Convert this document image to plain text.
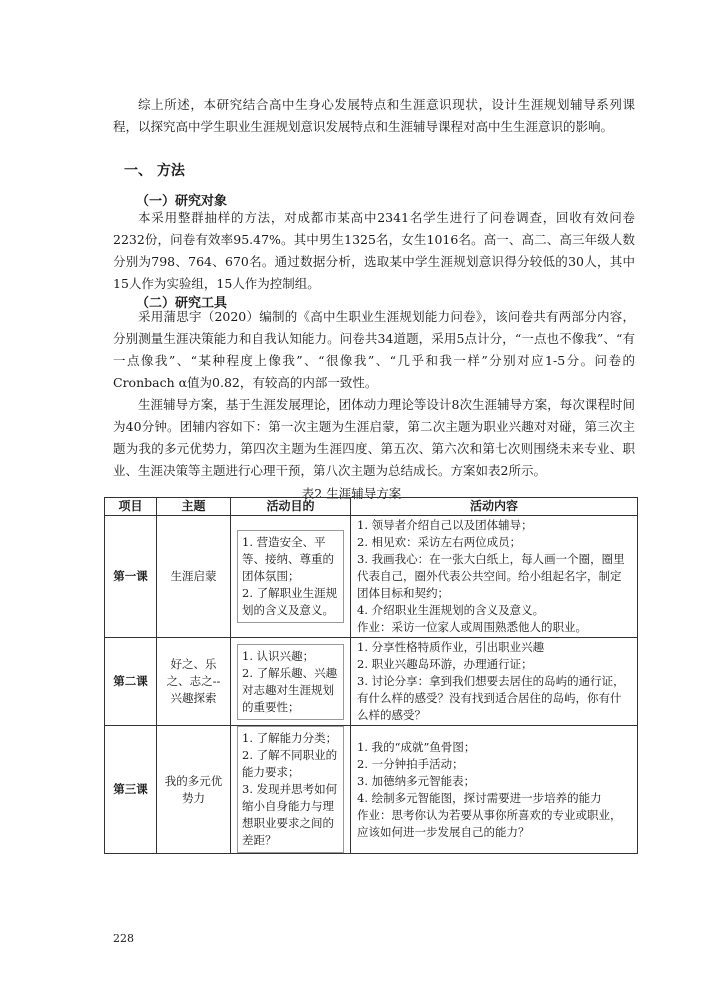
综上所述，本研究结合高中生身心发展特点和生涯意识现状，设计生涯规划辅导系列课程，以探究高中学生职业生涯规划意识发展特点和生涯辅导课程对高中生生涯意识的影响。

一、 方法

（一）研究对象

本采用整群抽样的方法，对成都市某高中2341名学生进行了问卷调查，回收有效问卷2232份，问卷有效率95.47%。其中男生1325名，女生1016名。高一、高二、高三年级人数分别为798、764、670名。通过数据分析，选取某中学生涯规划意识得分较低的30人，其中15人作为实验组，15人作为控制组。

（二）研究工具

采用蒲思宇（2020）编制的《高中生职业生涯规划能力问卷》，该问卷共有两部分内容，分别测量生涯决策能力和自我认知能力。问卷共34道题，采用5点计分，“一点也不像我”、“有一点像我”、“某种程度上像我”、“很像我”、“几乎和我一样”分别对应1-5分。问卷的Cronbach α值为0.82，有较高的内部一致性。

生涯辅导方案，基于生涯发展理论，团体动力理论等设计8次生涯辅导方案，每次课程时间为40分钟。团辅内容如下：第一次主题为生涯启蒙，第二次主题为职业兴趣对对碰，第三次主题为我的多元优势力，第四次主题为生涯四度、第五次、第六次和第七次则围绕未来专业、职业、生涯决策等主题进行心理干预，第八次主题为总结成长。方案如表2所示。

表2 生涯辅导方案

项目	主题	活动目的	活动内容
第一课	生涯启蒙	1. 营造安全、平等、接纳、尊重的团体氛围；
2. 了解职业生涯规划的含义及意义。	1. 领导者介绍自己以及团体辅导；
2. 相见欢：采访左右两位成员；
3. 我画我心：在一张大白纸上，每人画一个圈，圈里代表自己，圈外代表公共空间。给小组起名字，制定团体目标和契约；
4. 介绍职业生涯规划的含义及意义。
作业：采访一位家人或周围熟悉他人的职业。

第二课	好之、乐之、志之--兴趣探索	1. 认识兴趣；
2. 了解乐趣、兴趣对志趣对生涯规划的重要性；	1. 分享性格特质作业，引出职业兴趣
2. 职业兴趣岛环游，办理通行证；
3. 讨论分享：拿到我们想要去居住的岛屿的通行证，有什么样的感受？没有找到适合居住的岛屿，你有什么样的感受？

第三课	我的多元优势力	1. 了解能力分类；
2. 了解不同职业的能力要求；
3. 发现并思考如何缩小自身能力与理想职业要求之间的差距？	1. 我的“成就”鱼骨图；
2. 一分钟拍手活动；
3. 加德纳多元智能表；
4. 绘制多元智能图，探讨需要进一步培养的能力
作业：思考你认为若要从事你所喜欢的专业或职业，应该如何进一步发展自己的能力？

228
